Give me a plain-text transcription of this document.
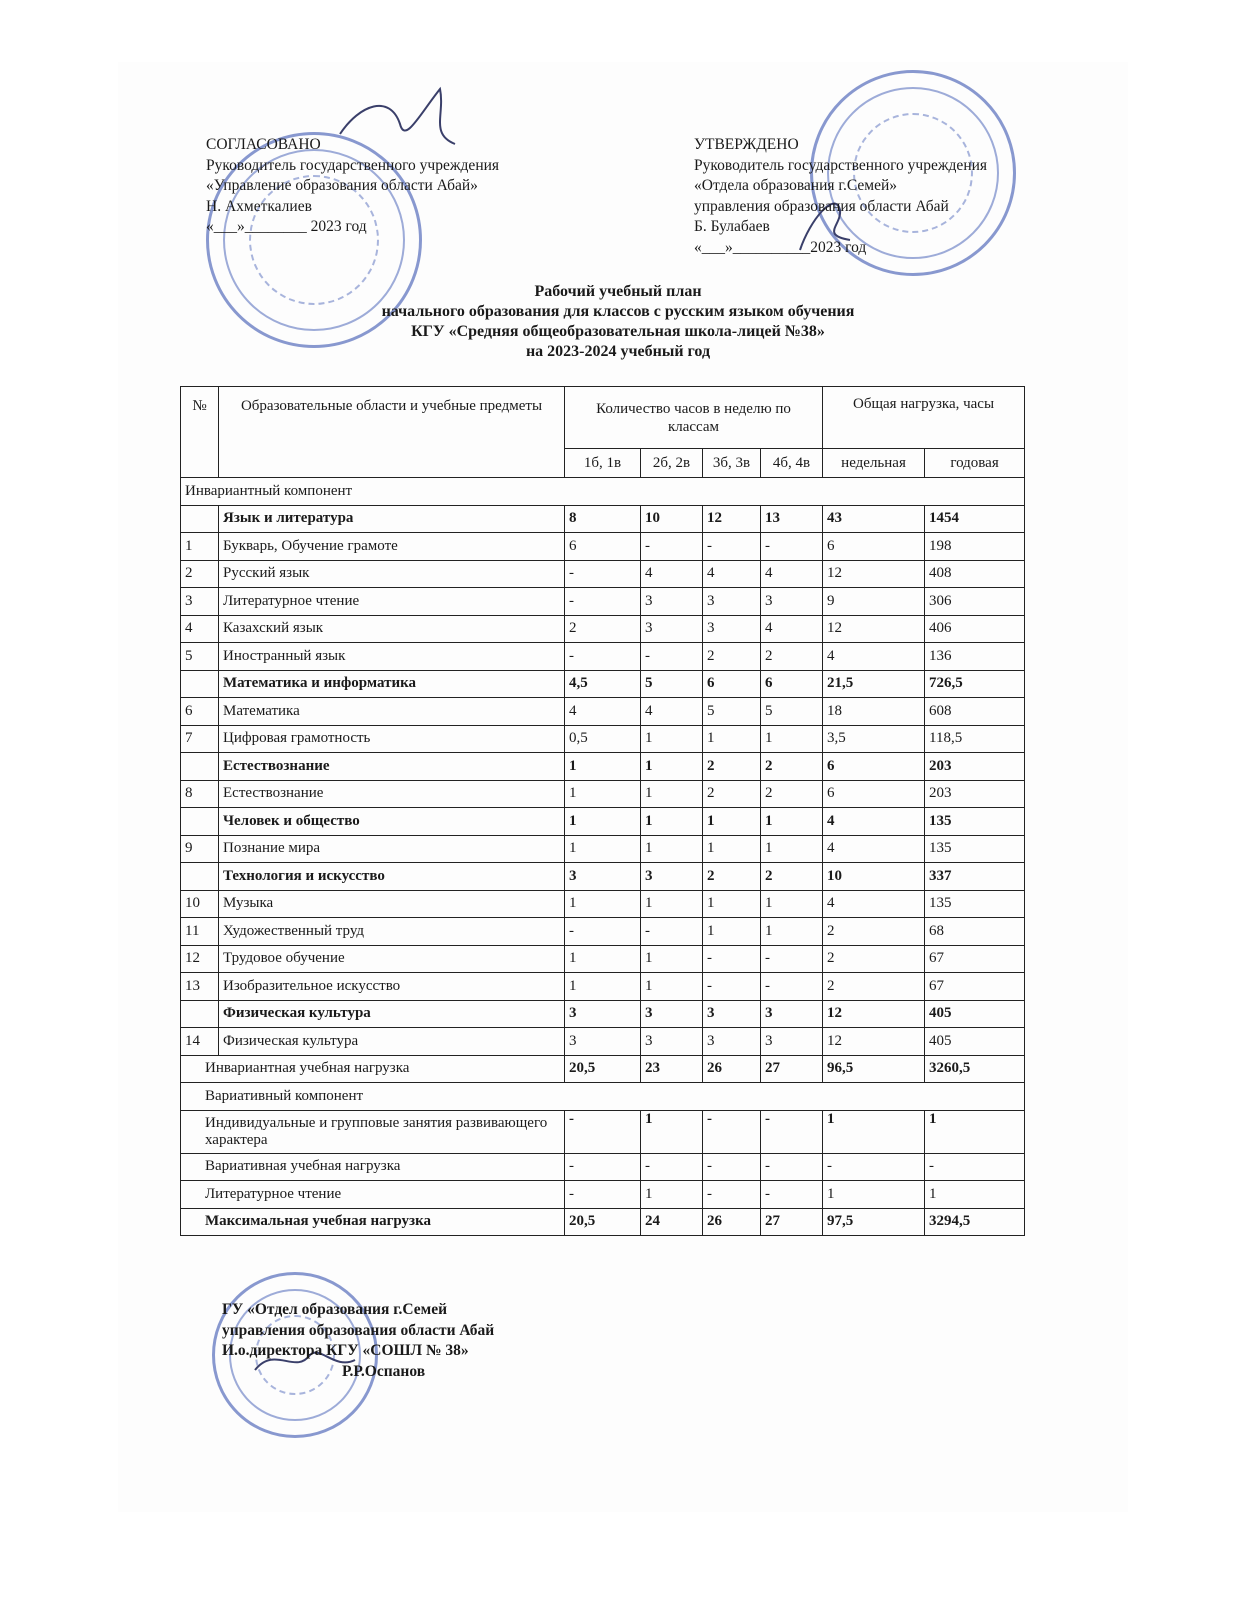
СОГЛАСОВАНО
Руководитель государственного учреждения
«Управление образования области Абай»
Н. Ахметкалиев
«___»________ 2023 год
УТВЕРЖДЕНО
Руководитель государственного учреждения
«Отдела образования г.Семей»
управления образования области Абай
Б. Булабаев
«___»__________2023 год
Рабочий учебный план
начального образования для классов с русским языком обучения
КГУ «Средняя общеобразовательная школа-лицей №38»
на 2023-2024 учебный год
№	Образовательные области и учебные предметы	Количество часов в неделю по классам				Общая нагрузка, часы	
		1б, 1в	2б, 2в	3б, 3в	4б, 4в	недельная	годовая
Инвариантный компонент							
	Язык и литература	8	10	12	13	43	1454
1	Букварь, Обучение грамоте	6	-	-	-	6	198
2	Русский язык	-	4	4	4	12	408
3	Литературное чтение	-	3	3	3	9	306
4	Казахский язык	2	3	3	4	12	406
5	Иностранный язык	-	-	2	2	4	136
	Математика и информатика	4,5	5	6	6	21,5	726,5
6	Математика	4	4	5	5	18	608
7	Цифровая грамотность	0,5	1	1	1	3,5	118,5
	Естествознание	1	1	2	2	6	203
8	Естествознание	1	1	2	2	6	203
	Человек и общество	1	1	1	1	4	135
9	Познание мира	1	1	1	1	4	135
	Технология и искусство	3	3	2	2	10	337
10	Музыка	1	1	1	1	4	135
11	Художественный труд	-	-	1	1	2	68
12	Трудовое обучение	1	1	-	-	2	67
13	Изобразительное искусство	1	1	-	-	2	67
	Физическая культура	3	3	3	3	12	405
14	Физическая культура	3	3	3	3	12	405
Инвариантная учебная нагрузка		20,5	23	26	27	96,5	3260,5
Вариативный компонент							
Индивидуальные и групповые занятия развивающего характера		-	1	-	-	1	1
Вариативная учебная нагрузка		-	-	-	-	-	-
Литературное чтение		-	1	-	-	1	1
Максимальная учебная нагрузка		20,5	24	26	27	97,5	3294,5
ГУ «Отдел образования г.Семей
управления образования области Абай
И.о.директора КГУ «СОШЛ № 38»
Р.Р.Оспанов
